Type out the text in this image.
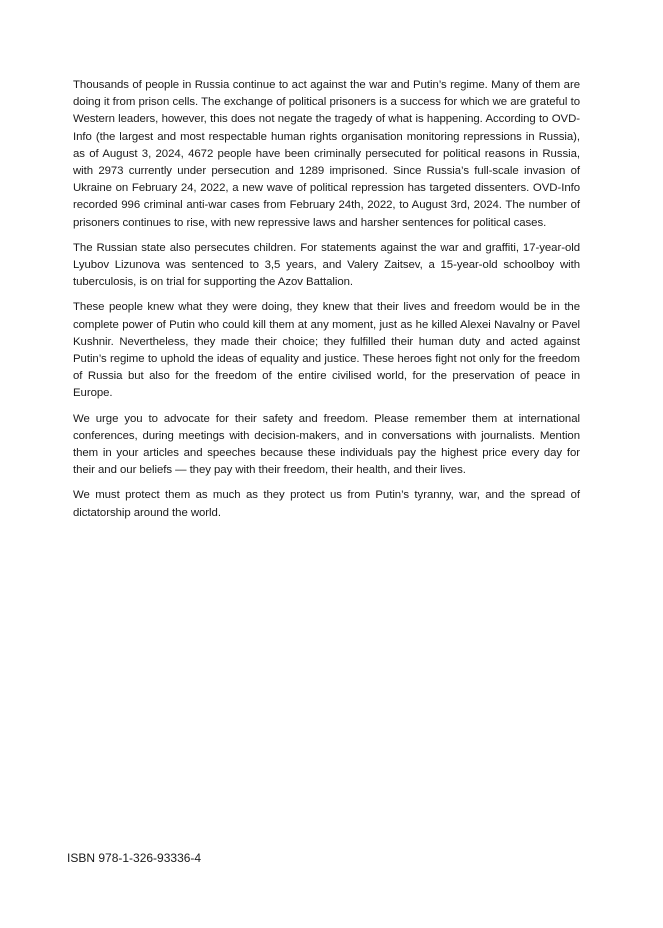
Thousands of people in Russia continue to act against the war and Putin’s regime. Many of them are doing it from prison cells. The exchange of political prisoners is a success for which we are grateful to Western leaders, however, this does not negate the tragedy of what is happening. According to OVD-Info (the largest and most respectable human rights organisation monitoring repressions in Russia), as of August 3, 2024, 4672 people have been criminally persecuted for political reasons in Russia, with 2973 currently under persecution and 1289 imprisoned. Since Russia’s full-scale invasion of Ukraine on February 24, 2022, a new wave of political repression has targeted dissenters. OVD-Info recorded 996 criminal anti-war cases from February 24th, 2022, to August 3rd, 2024. The number of prisoners continues to rise, with new repressive laws and harsher sentences for political cases.

The Russian state also persecutes children. For statements against the war and graffiti, 17-year-old Lyubov Lizunova was sentenced to 3,5 years, and Valery Zaitsev, a 15-year-old schoolboy with tuberculosis, is on trial for supporting the Azov Battalion.

These people knew what they were doing, they knew that their lives and freedom would be in the complete power of Putin who could kill them at any moment, just as he killed Alexei Navalny or Pavel Kushnir. Nevertheless, they made their choice; they fulfilled their human duty and acted against Putin’s regime to uphold the ideas of equality and justice. These heroes fight not only for the freedom of Russia but also for the freedom of the entire civilised world, for the preservation of peace in Europe.

We urge you to advocate for their safety and freedom. Please remember them at international conferences, during meetings with decision-makers, and in conversations with journalists. Mention them in your articles and speeches because these individuals pay the highest price every day for their and our beliefs — they pay with their freedom, their health, and their lives.

We must protect them as much as they protect us from Putin’s tyranny, war, and the spread of dictatorship around the world.

ISBN 978-1-326-93336-4
